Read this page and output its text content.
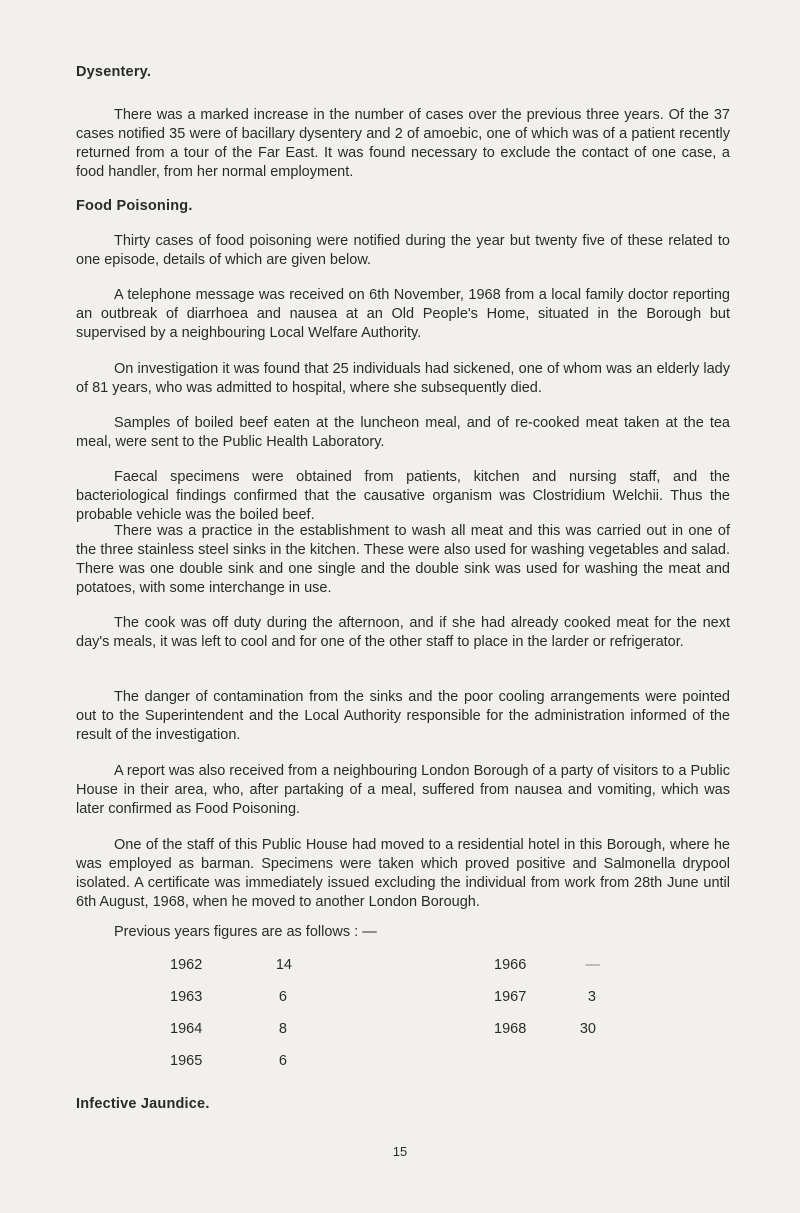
Dysentery.

There was a marked increase in the number of cases over the previous three years. Of the 37 cases notified 35 were of bacillary dysentery and 2 of amoebic, one of which was of a patient recently returned from a tour of the Far East. It was found necessary to exclude the contact of one case, a food handler, from her normal employment.

Food Poisoning.

Thirty cases of food poisoning were notified during the year but twenty five of these related to one episode, details of which are given below.

A telephone message was received on 6th November, 1968 from a local family doctor reporting an outbreak of diarrhoea and nausea at an Old People's Home, situated in the Borough but supervised by a neighbouring Local Welfare Authority.

On investigation it was found that 25 individuals had sickened, one of whom was an elderly lady of 81 years, who was admitted to hospital, where she subsequently died.

Samples of boiled beef eaten at the luncheon meal, and of re-cooked meat taken at the tea meal, were sent to the Public Health Laboratory.

Faecal specimens were obtained from patients, kitchen and nursing staff, and the bacteriological findings confirmed that the causative organism was Clostridium Welchii. Thus the probable vehicle was the boiled beef.

There was a practice in the establishment to wash all meat and this was carried out in one of the three stainless steel sinks in the kitchen. These were also used for washing vegetables and salad. There was one double sink and one single and the double sink was used for washing the meat and potatoes, with some interchange in use.

The cook was off duty during the afternoon, and if she had already cooked meat for the next day's meals, it was left to cool and for one of the other staff to place in the larder or refrigerator.

The danger of contamination from the sinks and the poor cooling arrangements were pointed out to the Superintendent and the Local Authority responsible for the administration informed of the result of the investigation.

A report was also received from a neighbouring London Borough of a party of visitors to a Public House in their area, who, after partaking of a meal, suffered from nausea and vomiting, which was later confirmed as Food Poisoning.

One of the staff of this Public House had moved to a residential hotel in this Borough, where he was employed as barman. Specimens were taken which proved positive and Salmonella drypool isolated. A certificate was immediately issued excluding the individual from work from 28th June until 6th August, 1968, when he moved to another London Borough.

Previous years figures are as follows : —
1962	14
1963	6
1964	8
1965	6
1966	—
1967	3
1968	30
Infective Jaundice.
15
